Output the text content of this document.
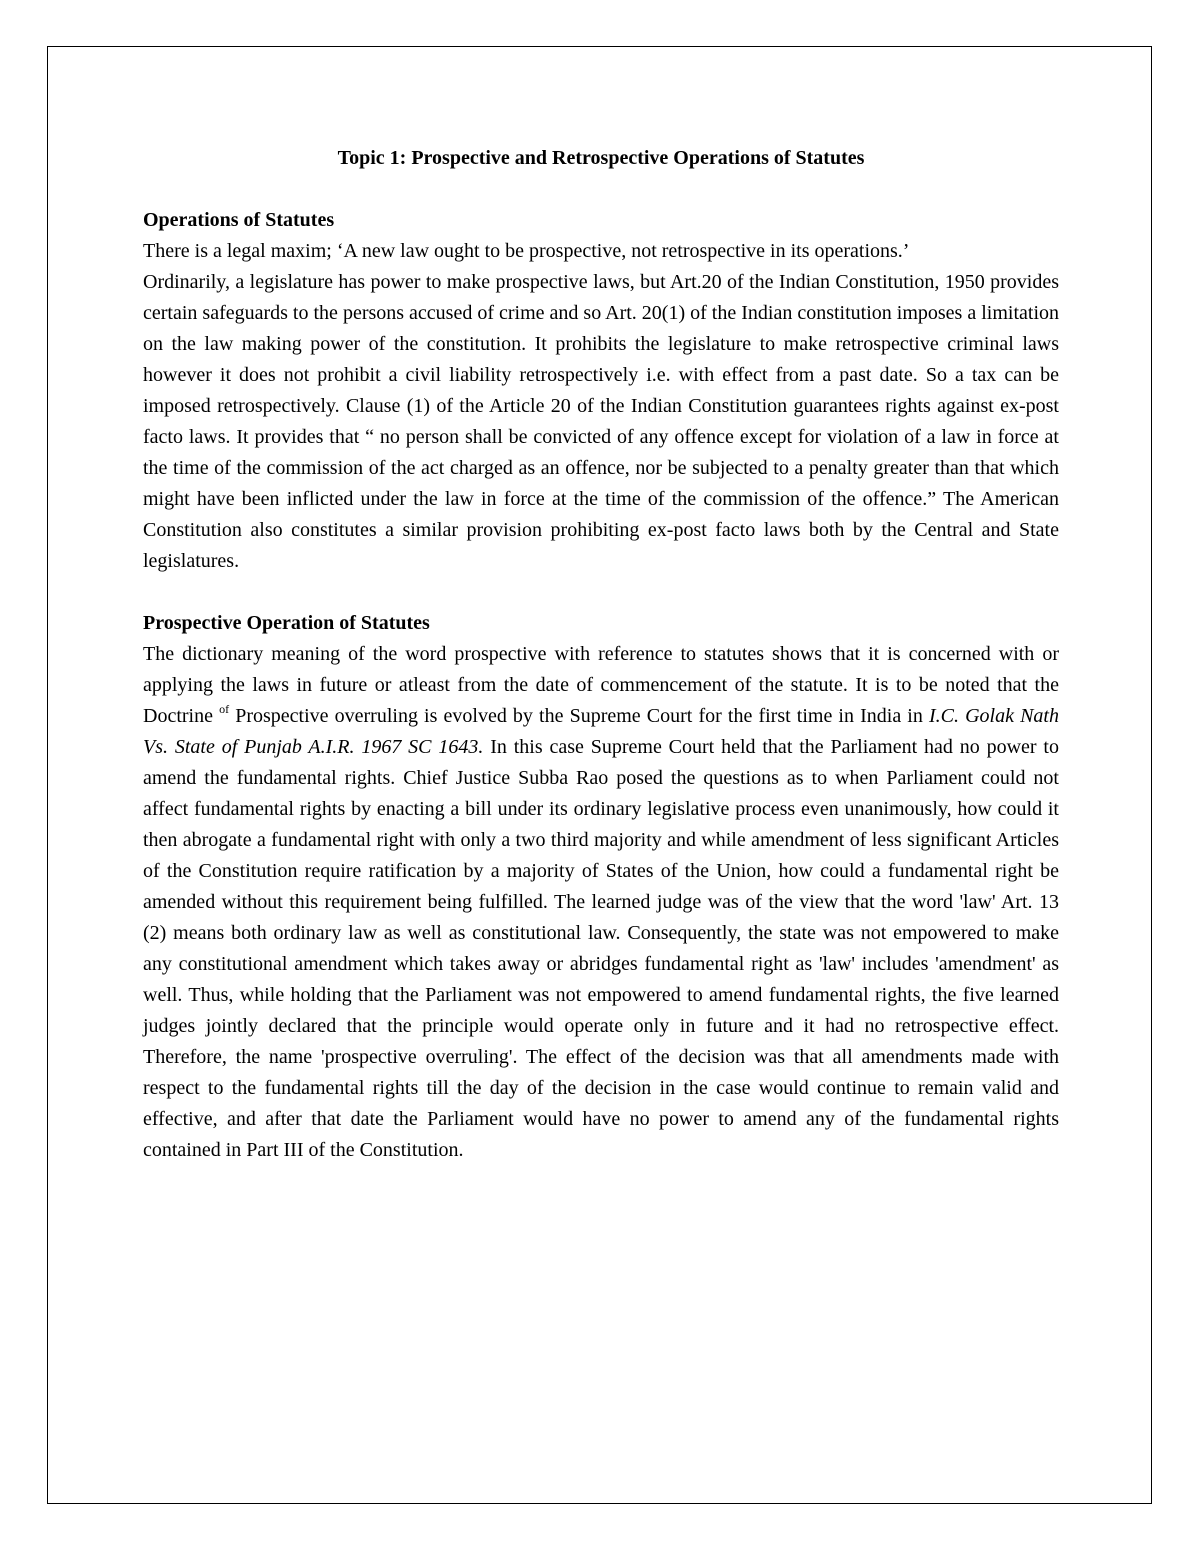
Topic 1: Prospective and Retrospective Operations of Statutes

Operations of Statutes

There is a legal maxim; ‘A new law ought to be prospective, not retrospective in its operations.’

Ordinarily, a legislature has power to make prospective laws, but Art.20 of the Indian Constitution, 1950 provides certain safeguards to the persons accused of crime and so Art. 20(1) of the Indian constitution imposes a limitation on the law making power of the constitution. It prohibits the legislature to make retrospective criminal laws however it does not prohibit a civil liability retrospectively i.e. with effect from a past date. So a tax can be imposed retrospectively. Clause (1) of the Article 20 of the Indian Constitution guarantees rights against ex-post facto laws. It provides that “ no person shall be convicted of any offence except for violation of a law in force at the time of the commission of the act charged as an offence, nor be subjected to a penalty greater than that which might have been inflicted under the law in force at the time of the commission of the offence.” The American Constitution also constitutes a similar provision prohibiting ex-post facto laws both by the Central and State legislatures.

Prospective Operation of Statutes

The dictionary meaning of the word prospective with reference to statutes shows that it is concerned with or applying the laws in future or atleast from the date of commencement of the statute. It is to be noted that the Doctrine $^{of}$ Prospective overruling is evolved by the Supreme Court for the first time in India in I.C. Golak Nath Vs. State of Punjab A.I.R. 1967 SC 1643. In this case Supreme Court held that the Parliament had no power to amend the fundamental rights. Chief Justice Subba Rao posed the questions as to when Parliament could not affect fundamental rights by enacting a bill under its ordinary legislative process even unanimously, how could it then abrogate a fundamental right with only a two third majority and while amendment of less significant Articles of the Constitution require ratification by a majority of States of the Union, how could a fundamental right be amended without this requirement being fulfilled. The learned judge was of the view that the word 'law' Art. 13 (2) means both ordinary law as well as constitutional law. Consequently, the state was not empowered to make any constitutional amendment which takes away or abridges fundamental right as 'law' includes 'amendment' as well. Thus, while holding that the Parliament was not empowered to amend fundamental rights, the five learned judges jointly declared that the principle would operate only in future and it had no retrospective effect. Therefore, the name 'prospective overruling'. The effect of the decision was that all amendments made with respect to the fundamental rights till the day of the decision in the case would continue to remain valid and effective, and after that date the Parliament would have no power to amend any of the fundamental rights contained in Part III of the Constitution.
